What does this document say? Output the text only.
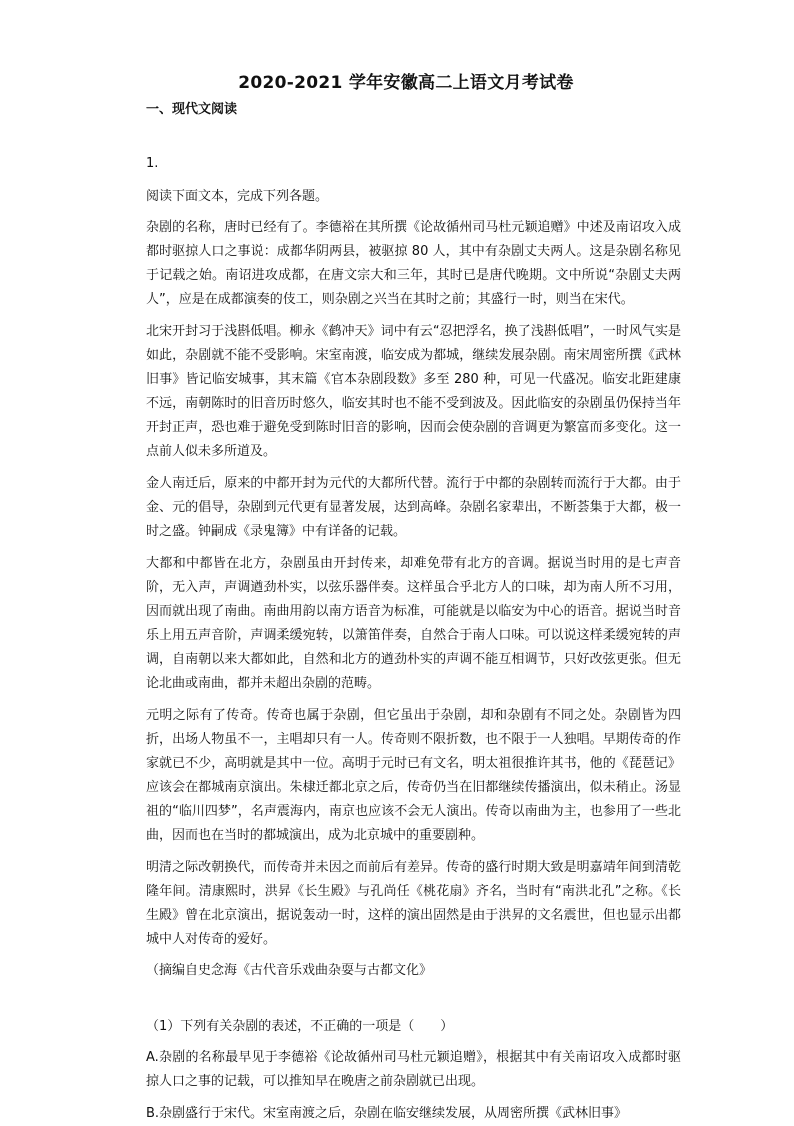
2020-2021 学年安徽高二上语文月考试卷
一、现代文阅读
1.
阅读下面文本，完成下列各题。

杂剧的名称，唐时已经有了。李德裕在其所撰《论故循州司马杜元颖追赠》中述及南诏攻入成都时驱掠人口之事说：成都华阴两县，被驱掠 80 人，其中有杂剧丈夫两人。这是杂剧名称见于记载之始。南诏进攻成都，在唐文宗大和三年，其时已是唐代晚期。文中所说“杂剧丈夫两人”，应是在成都演奏的伎工，则杂剧之兴当在其时之前；其盛行一时，则当在宋代。

北宋开封习于浅斟低唱。柳永《鹤冲天》词中有云“忍把浮名，换了浅斟低唱”，一时风气实是如此，杂剧就不能不受影响。宋室南渡，临安成为都城，继续发展杂剧。南宋周密所撰《武林旧事》皆记临安城事，其末篇《官本杂剧段数》多至 280 种，可见一代盛况。临安北距建康不远，南朝陈时的旧音历时悠久，临安其时也不能不受到波及。因此临安的杂剧虽仍保持当年开封正声，恐也难于避免受到陈时旧音的影响，因而会使杂剧的音调更为繁富而多变化。这一点前人似未多所道及。

金人南迁后，原来的中都开封为元代的大都所代替。流行于中都的杂剧转而流行于大都。由于金、元的倡导，杂剧到元代更有显著发展，达到高峰。杂剧名家辈出，不断荟集于大都，极一时之盛。钟嗣成《录鬼簿》中有详备的记载。

大都和中都皆在北方，杂剧虽由开封传来，却难免带有北方的音调。据说当时用的是七声音阶，无入声，声调遒劲朴实，以弦乐器伴奏。这样虽合乎北方人的口味，却为南人所不习用，因而就出现了南曲。南曲用韵以南方语音为标准，可能就是以临安为中心的语音。据说当时音乐上用五声音阶，声调柔缓宛转，以箫笛伴奏，自然合于南人口味。可以说这样柔缓宛转的声调，自南朝以来大都如此，自然和北方的遒劲朴实的声调不能互相调节，只好改弦更张。但无论北曲或南曲，都并未超出杂剧的范畴。

元明之际有了传奇。传奇也属于杂剧，但它虽出于杂剧，却和杂剧有不同之处。杂剧皆为四折，出场人物虽不一，主唱却只有一人。传奇则不限折数，也不限于一人独唱。早期传奇的作家就已不少，高明就是其中一位。高明于元时已有文名，明太祖很推许其书，他的《琵琶记》应该会在都城南京演出。朱棣迁都北京之后，传奇仍当在旧都继续传播演出，似未稍止。汤显祖的“临川四梦”，名声震海内，南京也应该不会无人演出。传奇以南曲为主，也参用了一些北曲，因而也在当时的都城演出，成为北京城中的重要剧种。

明清之际改朝换代，而传奇并未因之而前后有差异。传奇的盛行时期大致是明嘉靖年间到清乾隆年间。清康熙时，洪昇《长生殿》与孔尚任《桃花扇》齐名，当时有“南洪北孔”之称。《长生殿》曾在北京演出，据说轰动一时，这样的演出固然是由于洪昇的文名震世，但也显示出都城中人对传奇的爱好。

（摘编自史念海《古代音乐戏曲杂耍与古都文化》
（1）下列有关杂剧的表述，不正确的一项是（　　）
A.杂剧的名称最早见于李德裕《论故循州司马杜元颖追赠》，根据其中有关南诏攻入成都时驱掠人口之事的记载，可以推知早在晚唐之前杂剧就已出现。
B.杂剧盛行于宋代。宋室南渡之后，杂剧在临安继续发展，从周密所撰《武林旧事》
